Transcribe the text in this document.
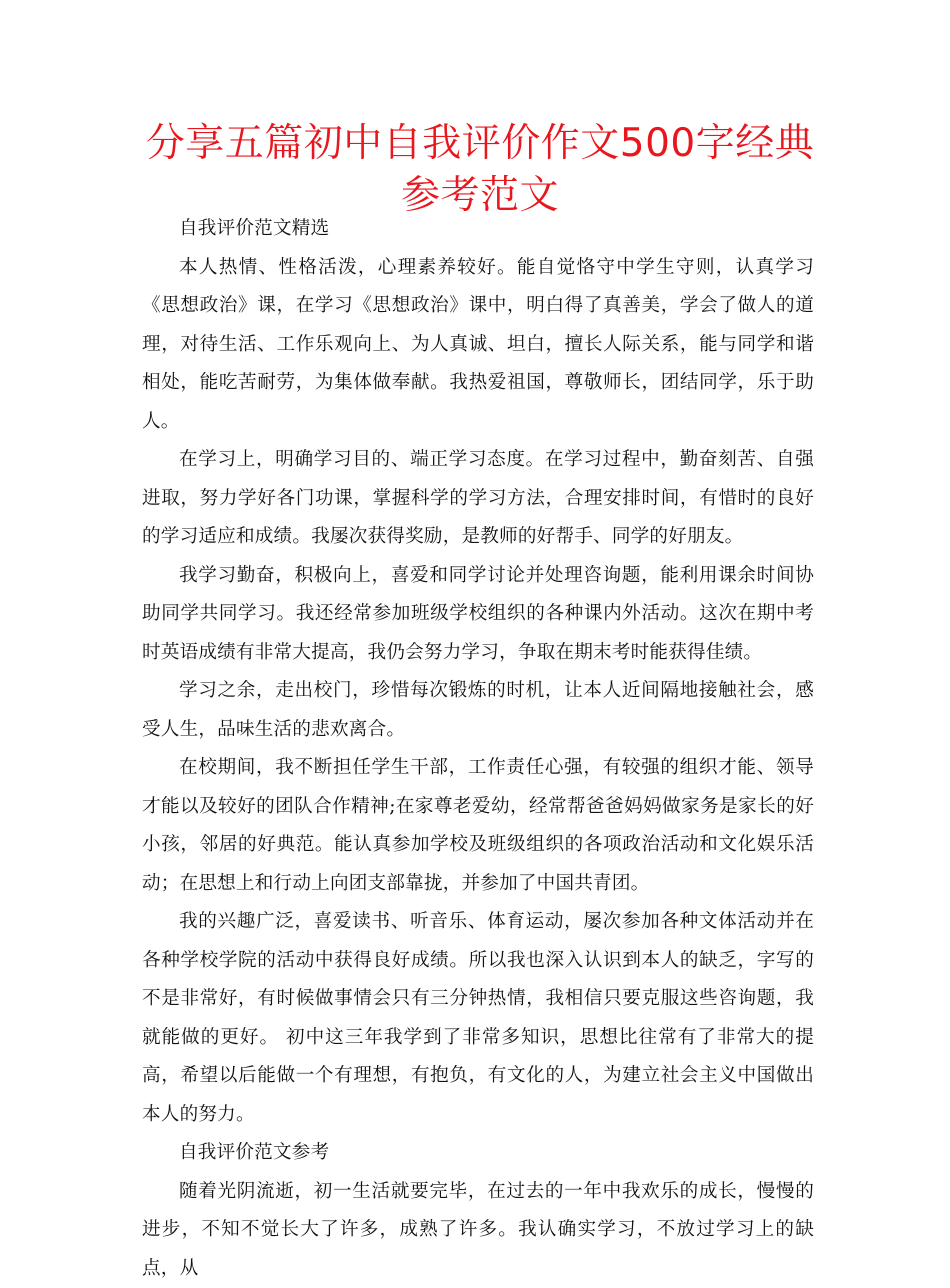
分享五篇初中自我评价作文500字经典参考范文

自我评价范文精选

本人热情、性格活泼，心理素养较好。能自觉恪守中学生守则，认真学习《思想政治》课，在学习《思想政治》课中，明白得了真善美，学会了做人的道理，对待生活、工作乐观向上、为人真诚、坦白，擅长人际关系，能与同学和谐相处，能吃苦耐劳，为集体做奉献。我热爱祖国，尊敬师长，团结同学，乐于助人。

在学习上，明确学习目的、端正学习态度。在学习过程中，勤奋刻苦、自强进取，努力学好各门功课，掌握科学的学习方法，合理安排时间，有惜时的良好的学习适应和成绩。我屡次获得奖励，是教师的好帮手、同学的好朋友。

我学习勤奋，积极向上，喜爱和同学讨论并处理咨询题，能利用课余时间协助同学共同学习。我还经常参加班级学校组织的各种课内外活动。这次在期中考时英语成绩有非常大提高，我仍会努力学习，争取在期末考时能获得佳绩。

学习之余，走出校门，珍惜每次锻炼的时机，让本人近间隔地接触社会，感受人生，品味生活的悲欢离合。

在校期间，我不断担任学生干部，工作责任心强，有较强的组织才能、领导才能以及较好的团队合作精神;在家尊老爱幼，经常帮爸爸妈妈做家务是家长的好小孩，邻居的好典范。能认真参加学校及班级组织的各项政治活动和文化娱乐活动；在思想上和行动上向团支部靠拢，并参加了中国共青团。

我的兴趣广泛，喜爱读书、听音乐、体育运动，屡次参加各种文体活动并在各种学校学院的活动中获得良好成绩。所以我也深入认识到本人的缺乏，字写的不是非常好，有时候做事情会只有三分钟热情，我相信只要克服这些咨询题，我就能做的更好。 初中这三年我学到了非常多知识，思想比往常有了非常大的提高，希望以后能做一个有理想，有抱负，有文化的人，为建立社会主义中国做出本人的努力。

自我评价范文参考

随着光阴流逝，初一生活就要完毕，在过去的一年中我欢乐的成长，慢慢的进步，不知不觉长大了许多，成熟了许多。我认确实学习，不放过学习上的缺点，从
